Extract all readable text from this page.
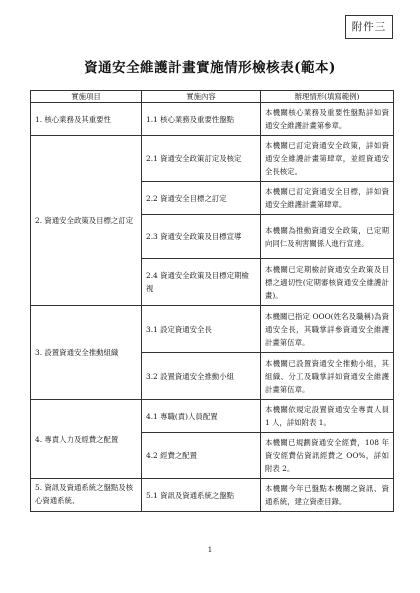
附件三
資通安全維護計畫實施情形檢核表(範本)
實施項目	實施內容	辦理情形(填寫範例)
1. 核心業務及其重要性	1.1 核心業務及重要性盤點	本機關核心業務及重要性盤點詳如資通安全維護計畫第參章。
2. 資通安全政策及目標之訂定	2.1 資通安全政策訂定及核定	本機關已訂定資通安全政策，詳如資通安全維護計畫第肆章，並經資通安全長核定。
	2.2 資通安全目標之訂定	本機關已訂定資通安全目標，詳如資通安全維護計畫第肆章。
	2.3 資通安全政策及目標宣導	本機關為推動資通安全政策，已定期向同仁及利害關係人進行宣達。
	2.4 資通安全政策及目標定期檢視	本機關已定期檢討資通安全政策及目標之適切性(定期審核資通安全維護計畫)。
3. 設置資通安全推動組織	3.1 設定資通安全長	本機關已指定 OOO(姓名及職稱)為資通安全長，其職掌詳參資通安全維護計畫第伍章。
	3.2 設置資通安全推動小組	本機關已設置資通安全推動小組，其組織、分工及職掌詳如資通安全維護計畫第伍章。
4. 專責人力及經費之配置	4.1 專職(責)人員配置	本機關依規定設置資通安全專責人員 1 人，詳如附表 1。
	4.2 經費之配置	本機關已規劃資通安全經費，108 年資安經費佔資訊經費之 OO%，詳如附表 2。
5. 資訊及資通系統之盤點及核心資通系統、	5.1 資訊及資通系統之盤點	本機關今年已盤點本機關之資訊、資通系統，建立資產目錄。
1
